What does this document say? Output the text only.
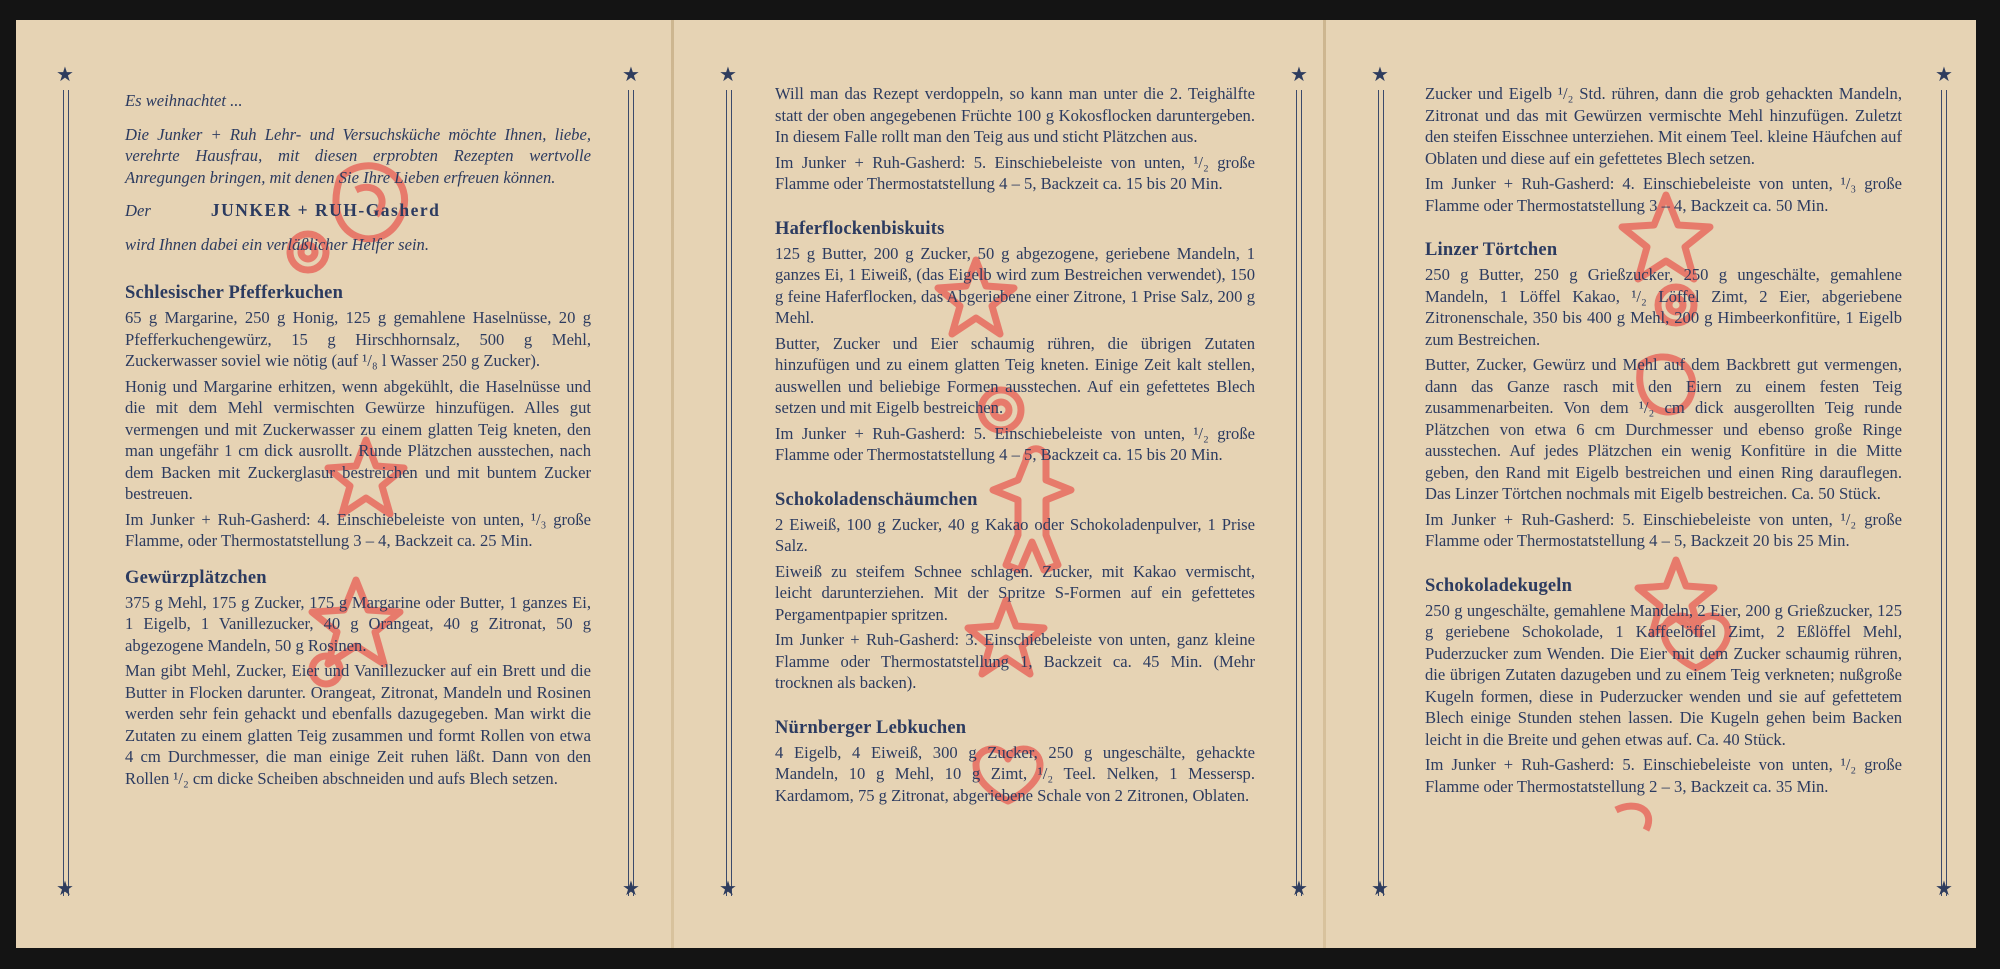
★	★
★	★

Es weihnachtet ...

Die Junker + Ruh Lehr- und Versuchsküche möchte Ihnen, liebe, verehrte Hausfrau, mit diesen erprobten Rezepten wertvolle Anregungen bringen, mit denen Sie Ihre Lieben erfreuen können.

Der	JUNKER + RUH-Gasherd

wird Ihnen dabei ein verläßlicher Helfer sein.

Schlesischer Pfefferkuchen

65 g Margarine, 250 g Honig, 125 g gemahlene Haselnüsse, 20 g Pfefferkuchengewürz, 15 g Hirschhornsalz, 500 g Mehl, Zuckerwasser soviel wie nötig (auf ¹/₈ l Wasser 250 g Zucker).

Honig und Margarine erhitzen, wenn abgekühlt, die Haselnüsse und die mit dem Mehl vermischten Gewürze hinzufügen. Alles gut vermengen und mit Zuckerwasser zu einem glatten Teig kneten, den man ungefähr 1 cm dick ausrollt. Runde Plätzchen ausstechen, nach dem Backen mit Zuckerglasur bestreichen und mit buntem Zucker bestreuen.

Im Junker + Ruh-Gasherd: 4. Einschiebeleiste von unten, ¹/₃ große Flamme, oder Thermostatstellung 3 – 4, Backzeit ca. 25 Min.

Gewürzplätzchen

375 g Mehl, 175 g Zucker, 175 g Margarine oder Butter, 1 ganzes Ei, 1 Eigelb, 1 Vanillezucker, 40 g Orangeat, 40 g Zitronat, 50 g abgezogene Mandeln, 50 g Rosinen.

Man gibt Mehl, Zucker, Eier und Vanillezucker auf ein Brett und die Butter in Flocken darunter. Orangeat, Zitronat, Mandeln und Rosinen werden sehr fein gehackt und ebenfalls dazugegeben. Man wirkt die Zutaten zu einem glatten Teig zusammen und formt Rollen von etwa 4 cm Durchmesser, die man einige Zeit ruhen läßt. Dann von den Rollen ¹/₂ cm dicke Scheiben abschneiden und aufs Blech setzen.

★	★
★	★

Will man das Rezept verdoppeln, so kann man unter die 2. Teighälfte statt der oben angegebenen Früchte 100 g Kokosflocken daruntergeben. In diesem Falle rollt man den Teig aus und sticht Plätzchen aus.

Im Junker + Ruh-Gasherd: 5. Einschiebeleiste von unten, ¹/₂ große Flamme oder Thermostatstellung 4 – 5, Backzeit ca. 15 bis 20 Min.

Haferflockenbiskuits

125 g Butter, 200 g Zucker, 50 g abgezogene, geriebene Mandeln, 1 ganzes Ei, 1 Eiweiß, (das Eigelb wird zum Bestreichen verwendet), 150 g feine Haferflocken, das Abgeriebene einer Zitrone, 1 Prise Salz, 200 g Mehl.

Butter, Zucker und Eier schaumig rühren, die übrigen Zutaten hinzufügen und zu einem glatten Teig kneten. Einige Zeit kalt stellen, auswellen und beliebige Formen ausstechen. Auf ein gefettetes Blech setzen und mit Eigelb bestreichen.

Im Junker + Ruh-Gasherd: 5. Einschiebeleiste von unten, ¹/₂ große Flamme oder Thermostatstellung 4 – 5, Backzeit ca. 15 bis 20 Min.

Schokoladenschäumchen

2 Eiweiß, 100 g Zucker, 40 g Kakao oder Schokoladenpulver, 1 Prise Salz.

Eiweiß zu steifem Schnee schlagen. Zucker, mit Kakao vermischt, leicht darunterziehen. Mit der Spritze S-Formen auf ein gefettetes Pergamentpapier spritzen.

Im Junker + Ruh-Gasherd: 3. Einschiebeleiste von unten, ganz kleine Flamme oder Thermostatstellung 1, Backzeit ca. 45 Min. (Mehr trocknen als backen).

Nürnberger Lebkuchen

4 Eigelb, 4 Eiweiß, 300 g Zucker, 250 g ungeschälte, gehackte Mandeln, 10 g Mehl, 10 g Zimt, ¹/₂ Teel. Nelken, 1 Messersp. Kardamom, 75 g Zitronat, abgeriebene Schale von 2 Zitronen, Oblaten.

★	★
★	★

Zucker und Eigelb ¹/₂ Std. rühren, dann die grob gehackten Mandeln, Zitronat und das mit Gewürzen vermischte Mehl hinzufügen. Zuletzt den steifen Eisschnee unterziehen. Mit einem Teel. kleine Häufchen auf Oblaten und diese auf ein gefettetes Blech setzen.

Im Junker + Ruh-Gasherd: 4. Einschiebeleiste von unten, ¹/₃ große Flamme oder Thermostatstellung 3 – 4, Backzeit ca. 50 Min.

Linzer Törtchen

250 g Butter, 250 g Grießzucker, 250 g ungeschälte, gemahlene Mandeln, 1 Löffel Kakao, ¹/₂ Löffel Zimt, 2 Eier, abgeriebene Zitronenschale, 350 bis 400 g Mehl, 200 g Himbeerkonfitüre, 1 Eigelb zum Bestreichen.

Butter, Zucker, Gewürz und Mehl auf dem Backbrett gut vermengen, dann das Ganze rasch mit den Eiern zu einem festen Teig zusammenarbeiten. Von dem ¹/₂ cm dick ausgerollten Teig runde Plätzchen von etwa 6 cm Durchmesser und ebenso große Ringe ausstechen. Auf jedes Plätzchen ein wenig Konfitüre in die Mitte geben, den Rand mit Eigelb bestreichen und einen Ring darauflegen. Das Linzer Törtchen nochmals mit Eigelb bestreichen. Ca. 50 Stück.

Im Junker + Ruh-Gasherd: 5. Einschiebeleiste von unten, ¹/₂ große Flamme oder Thermostatstellung 4 – 5, Backzeit 20 bis 25 Min.

Schokoladekugeln

250 g ungeschälte, gemahlene Mandeln, 2 Eier, 200 g Grießzucker, 125 g geriebene Schokolade, 1 Kaffeelöffel Zimt, 2 Eßlöffel Mehl, Puderzucker zum Wenden. Die Eier mit dem Zucker schaumig rühren, die übrigen Zutaten dazugeben und zu einem Teig verkneten; nußgroße Kugeln formen, diese in Puderzucker wenden und sie auf gefettetem Blech einige Stunden stehen lassen. Die Kugeln gehen beim Backen leicht in die Breite und gehen etwas auf. Ca. 40 Stück.

Im Junker + Ruh-Gasherd: 5. Einschiebeleiste von unten, ¹/₂ große Flamme oder Thermostatstellung 2 – 3, Backzeit ca. 35 Min.
